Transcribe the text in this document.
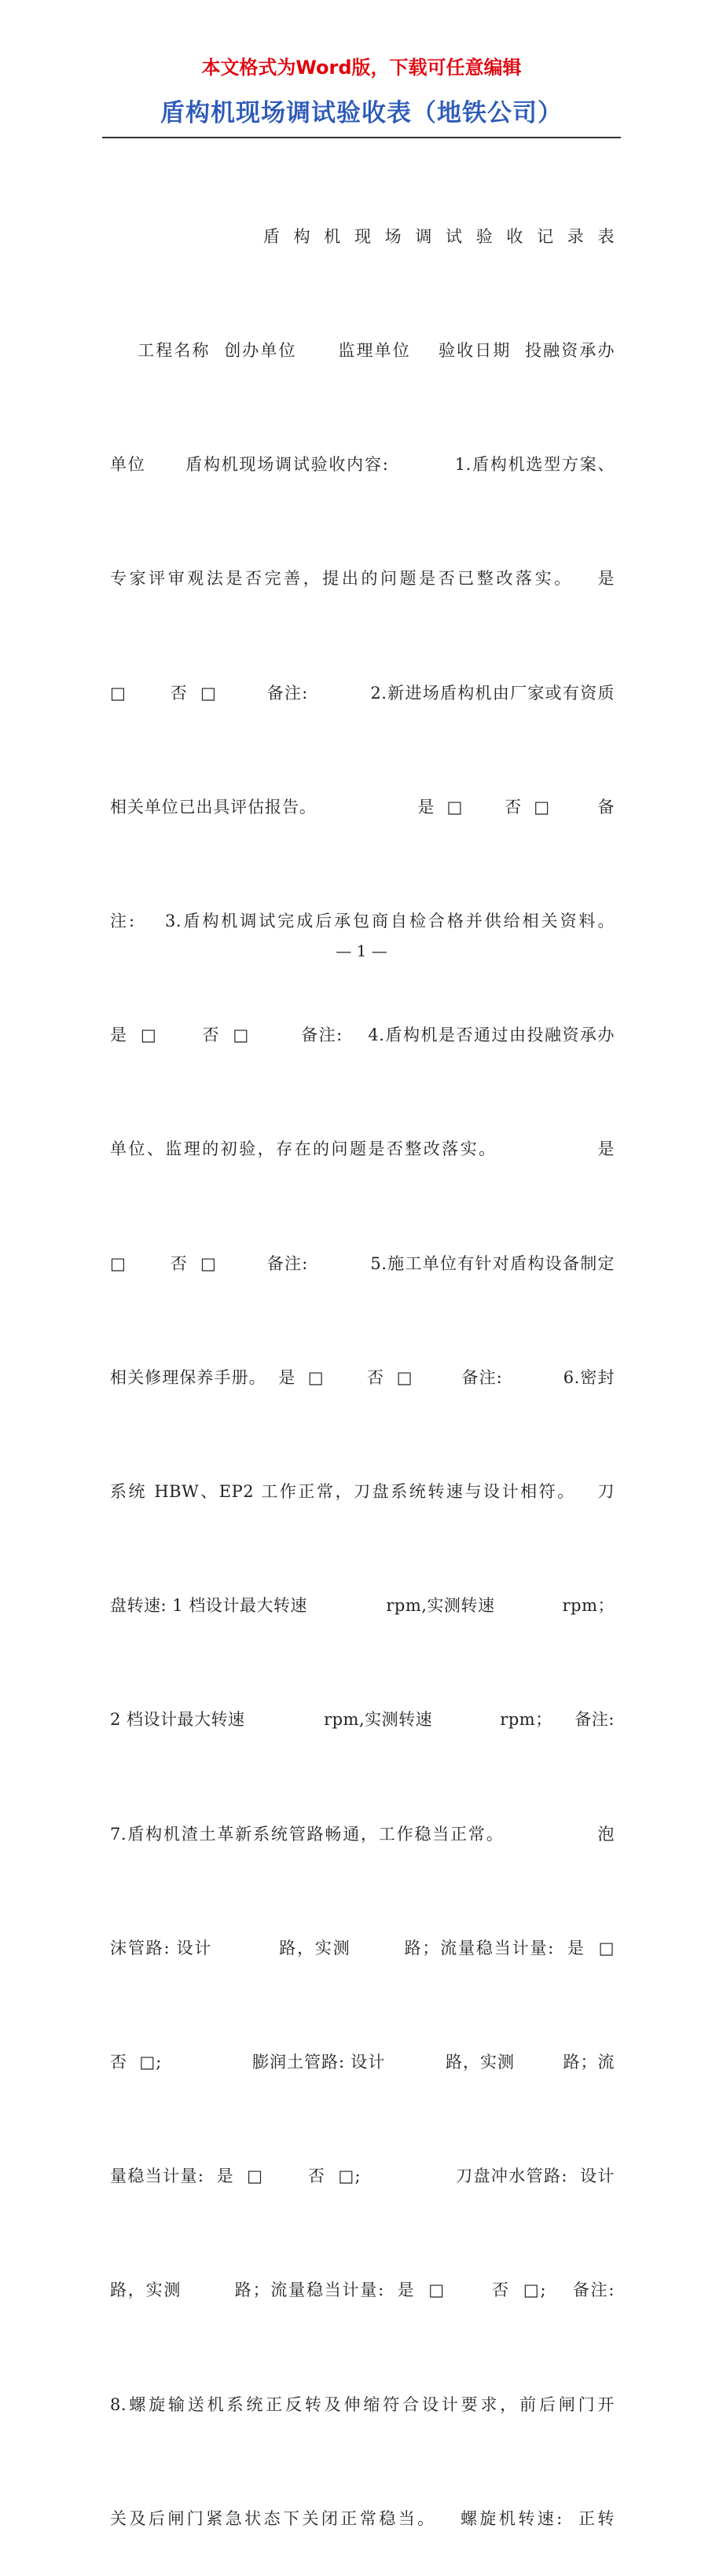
本文格式为Word版，下载可任意编辑
盾构机现场调试验收表（地铁公司）

盾构机现场调试验收记录表

工程名称  创办单位      监理单位    验收日期  投融资承办

单位      盾构机现场调试验收内容:          1.盾构机选型方案、

专家评审观法是否完善，提出的问题是否已整改落实。   是

□       否  □        备注:          2.新进场盾构机由厂家或有资质

相关单位已出具评估报告。                 是  □       否  □        备

注:    3.盾构机调试完成后承包商自检合格并供给相关资料。

是  □       否  □        备注:    4.盾构机是否通过由投融资承办

单位、监理的初验，存在的问题是否整改落实。              是

□       否  □        备注:          5.施工单位有针对盾构设备制定

相关修理保养手册。  是  □       否  □        备注:          6.密封

系统 HBW、EP2 工作正常，刀盘系统转速与设计相符。   刀

盘转速: 1 档设计最大转速              rpm,实测转速            rpm；

2 档设计最大转速              rpm,实测转速            rpm；    备注:

7.盾构机渣土革新系统管路畅通，工作稳当正常。              泡

沫管路: 设计          路，实测        路；流量稳当计量:  是  □

否  □;               膨润土管路: 设计          路，实测        路；流

量稳当计量:  是  □       否  □;               刀盘冲水管路:  设计

路，实测        路；流量稳当计量:  是  □       否  □;    备注:

8.螺旋输送机系统正反转及伸缩符合设计要求，前后闸门开

关及后闸门紧急状态下关闭正常稳当。   螺旋机转速:  正转

— 1 —
